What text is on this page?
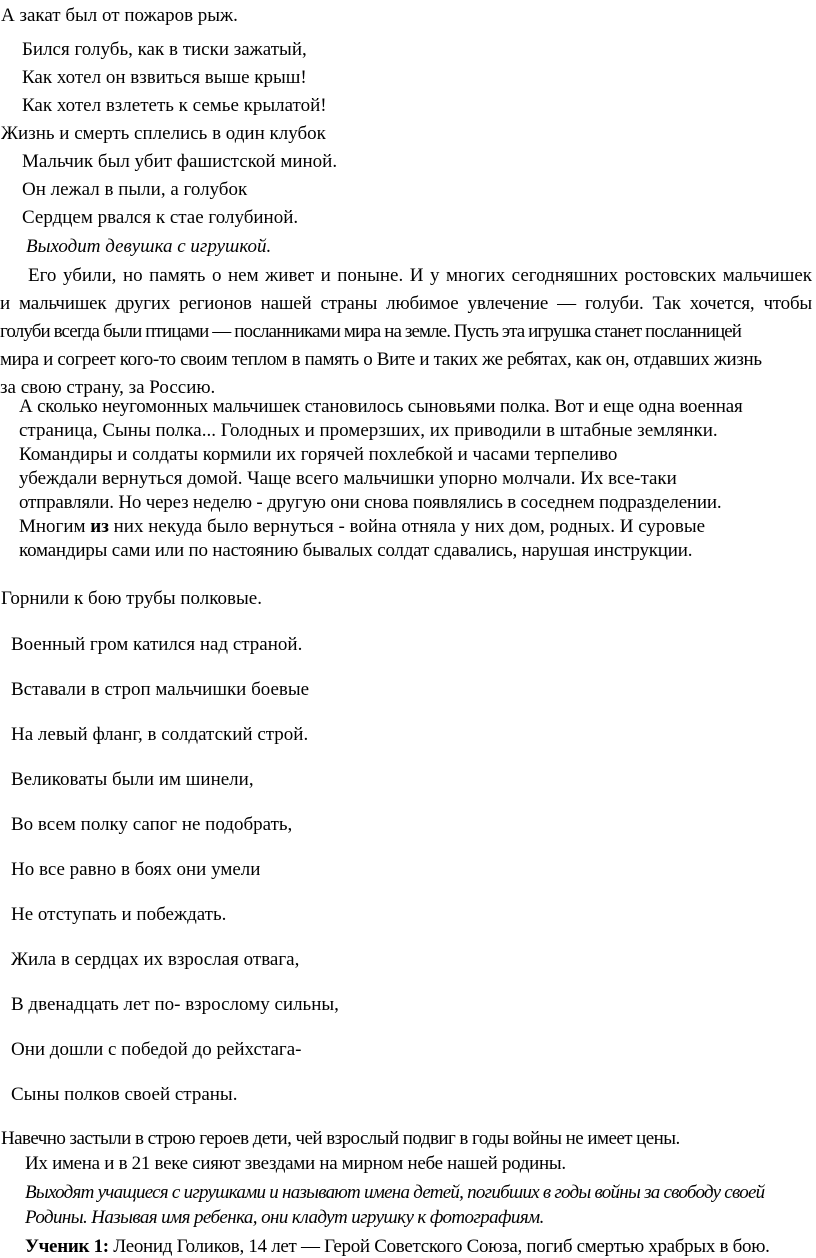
А закат был от пожаров рыж.
Бился голубь, как в тиски зажатый,
Как хотел он взвиться выше крыш!
Как хотел взлететь к семье крылатой!
Жизнь и смерть сплелись в один клубок
Мальчик был убит фашистской миной.
Он лежал в пыли, а голубок
Сердцем рвался к стае голубиной.
Выходит девушка с игрушкой.
Его убили, но память о нем живет и поныне. И у многих сегодняшних ростовских мальчишек
и мальчишек других регионов нашей страны любимое увлечение — голуби. Так хочется, чтобы
голуби всегда были птицами — посланниками мира на земле. Пусть эта игрушка станет посланницей
мира и согреет кого-то своим теплом в память о Вите и таких же ребятах, как он, отдавших жизнь
за свою страну, за Россию.
А сколько неугомонных мальчишек становилось сыновьями полка. Вот и еще одна военная
страница, Сыны полка... Голодных и промерзших, их приводили в штабные землянки.
Командиры и солдаты кормили их горячей похлебкой и часами терпеливо
убеждали вернуться домой. Чаще всего мальчишки упорно молчали. Их все-таки
отправляли. Но через неделю - другую они снова появлялись в соседнем подразделении.
Многим из них некуда было вернуться - война отняла у них дом, родных. И суровые
командиры сами или по настоянию бывалых солдат сдавались, нарушая инструкции.
Горнили к бою трубы полковые.
Военный гром катился над страной.
Вставали в строп мальчишки боевые
На левый фланг, в солдатский строй.
Великоваты были им шинели,
Во всем полку сапог не подобрать,
Но все равно в боях они умели
Не отступать и побеждать.
Жила в сердцах их взрослая отвага,
В двенадцать лет по- взрослому сильны,
Они дошли с победой до рейхстага-
Сыны полков своей страны.
Навечно застыли в строю героев дети, чей взрослый подвиг в годы войны не имеет цены.
Их имена и в 21 веке сияют звездами на мирном небе нашей родины.
Выходят учащиеся с игрушками и называют имена детей, погибших в годы войны за свободу своей
Родины. Называя имя ребенка, они кладут игрушку к фотографиям.
Ученик 1: Леонид Голиков, 14 лет — Герой Советского Союза, погиб смертью храбрых в бою.
